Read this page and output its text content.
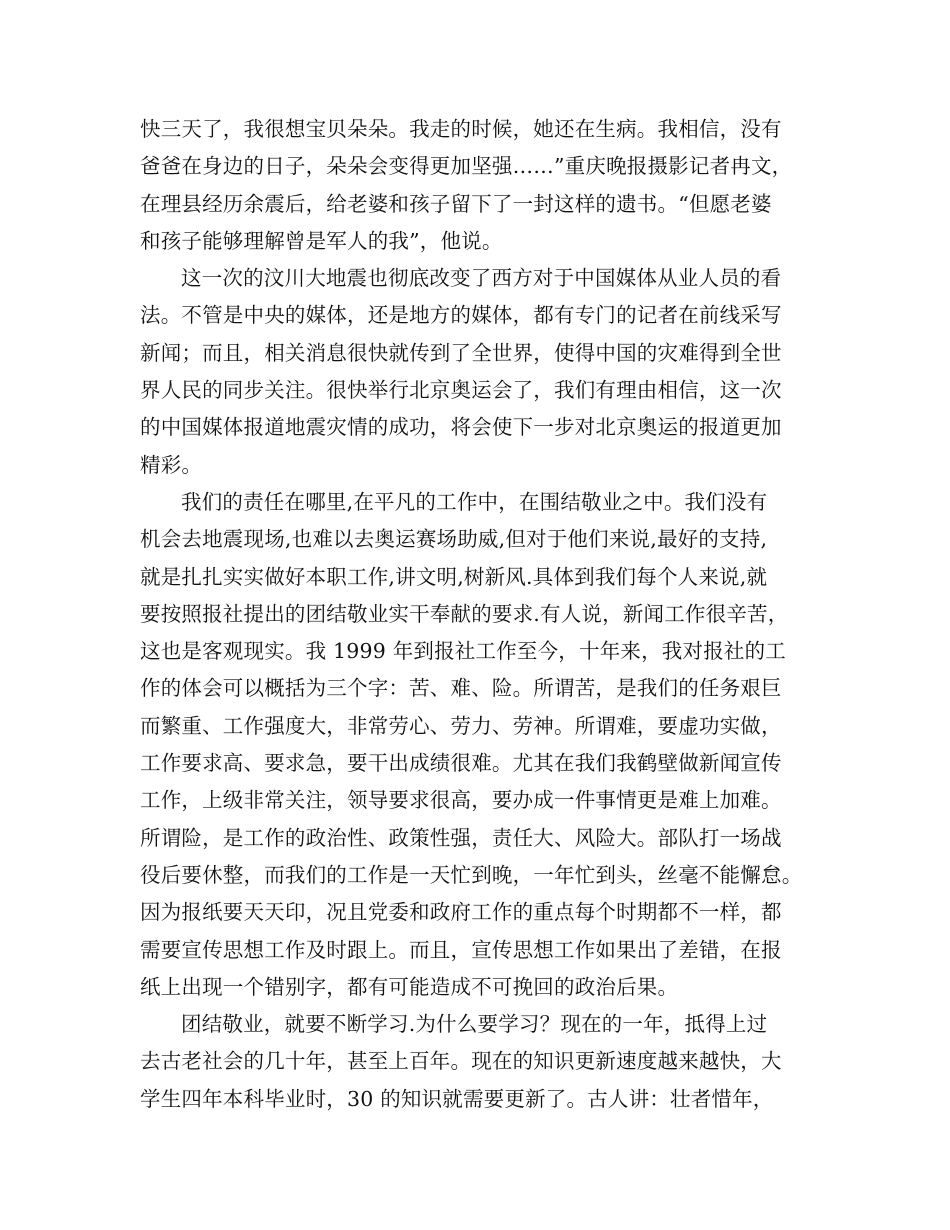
快三天了，我很想宝贝朵朵。我走的时候，她还在生病。我相信，没有
爸爸在身边的日子，朵朵会变得更加坚强……”重庆晚报摄影记者冉文，
在理县经历余震后，给老婆和孩子留下了一封这样的遗书。“但愿老婆
和孩子能够理解曾是军人的我”，他说。
这一次的汶川大地震也彻底改变了西方对于中国媒体从业人员的看
法。不管是中央的媒体，还是地方的媒体，都有专门的记者在前线采写
新闻；而且，相关消息很快就传到了全世界，使得中国的灾难得到全世
界人民的同步关注。很快举行北京奥运会了，我们有理由相信，这一次
的中国媒体报道地震灾情的成功，将会使下一步对北京奥运的报道更加
精彩。
我们的责任在哪里,在平凡的工作中，在围结敬业之中。我们没有
机会去地震现场,也难以去奥运赛场助威,但对于他们来说,最好的支持,
就是扎扎实实做好本职工作,讲文明,树新风.具体到我们每个人来说,就
要按照报社提出的团结敬业实干奉献的要求.有人说，新闻工作很辛苦，
这也是客观现实。我 1999 年到报社工作至今，十年来，我对报社的工
作的体会可以概括为三个字：苦、难、险。所谓苦，是我们的任务艰巨
而繁重、工作强度大，非常劳心、劳力、劳神。所谓难，要虚功实做，
工作要求高、要求急，要干出成绩很难。尤其在我们我鹤壁做新闻宣传
工作，上级非常关注，领导要求很高，要办成一件事情更是难上加难。
所谓险，是工作的政治性、政策性强，责任大、风险大。部队打一场战
役后要休整，而我们的工作是一天忙到晚，一年忙到头，丝毫不能懈怠。
因为报纸要天天印，况且党委和政府工作的重点每个时期都不一样，都
需要宣传思想工作及时跟上。而且，宣传思想工作如果出了差错，在报
纸上出现一个错别字，都有可能造成不可挽回的政治后果。
团结敬业，就要不断学习.为什么要学习？现在的一年，抵得上过
去古老社会的几十年，甚至上百年。现在的知识更新速度越来越快，大
学生四年本科毕业时，30 的知识就需要更新了。古人讲：壮者惜年，
